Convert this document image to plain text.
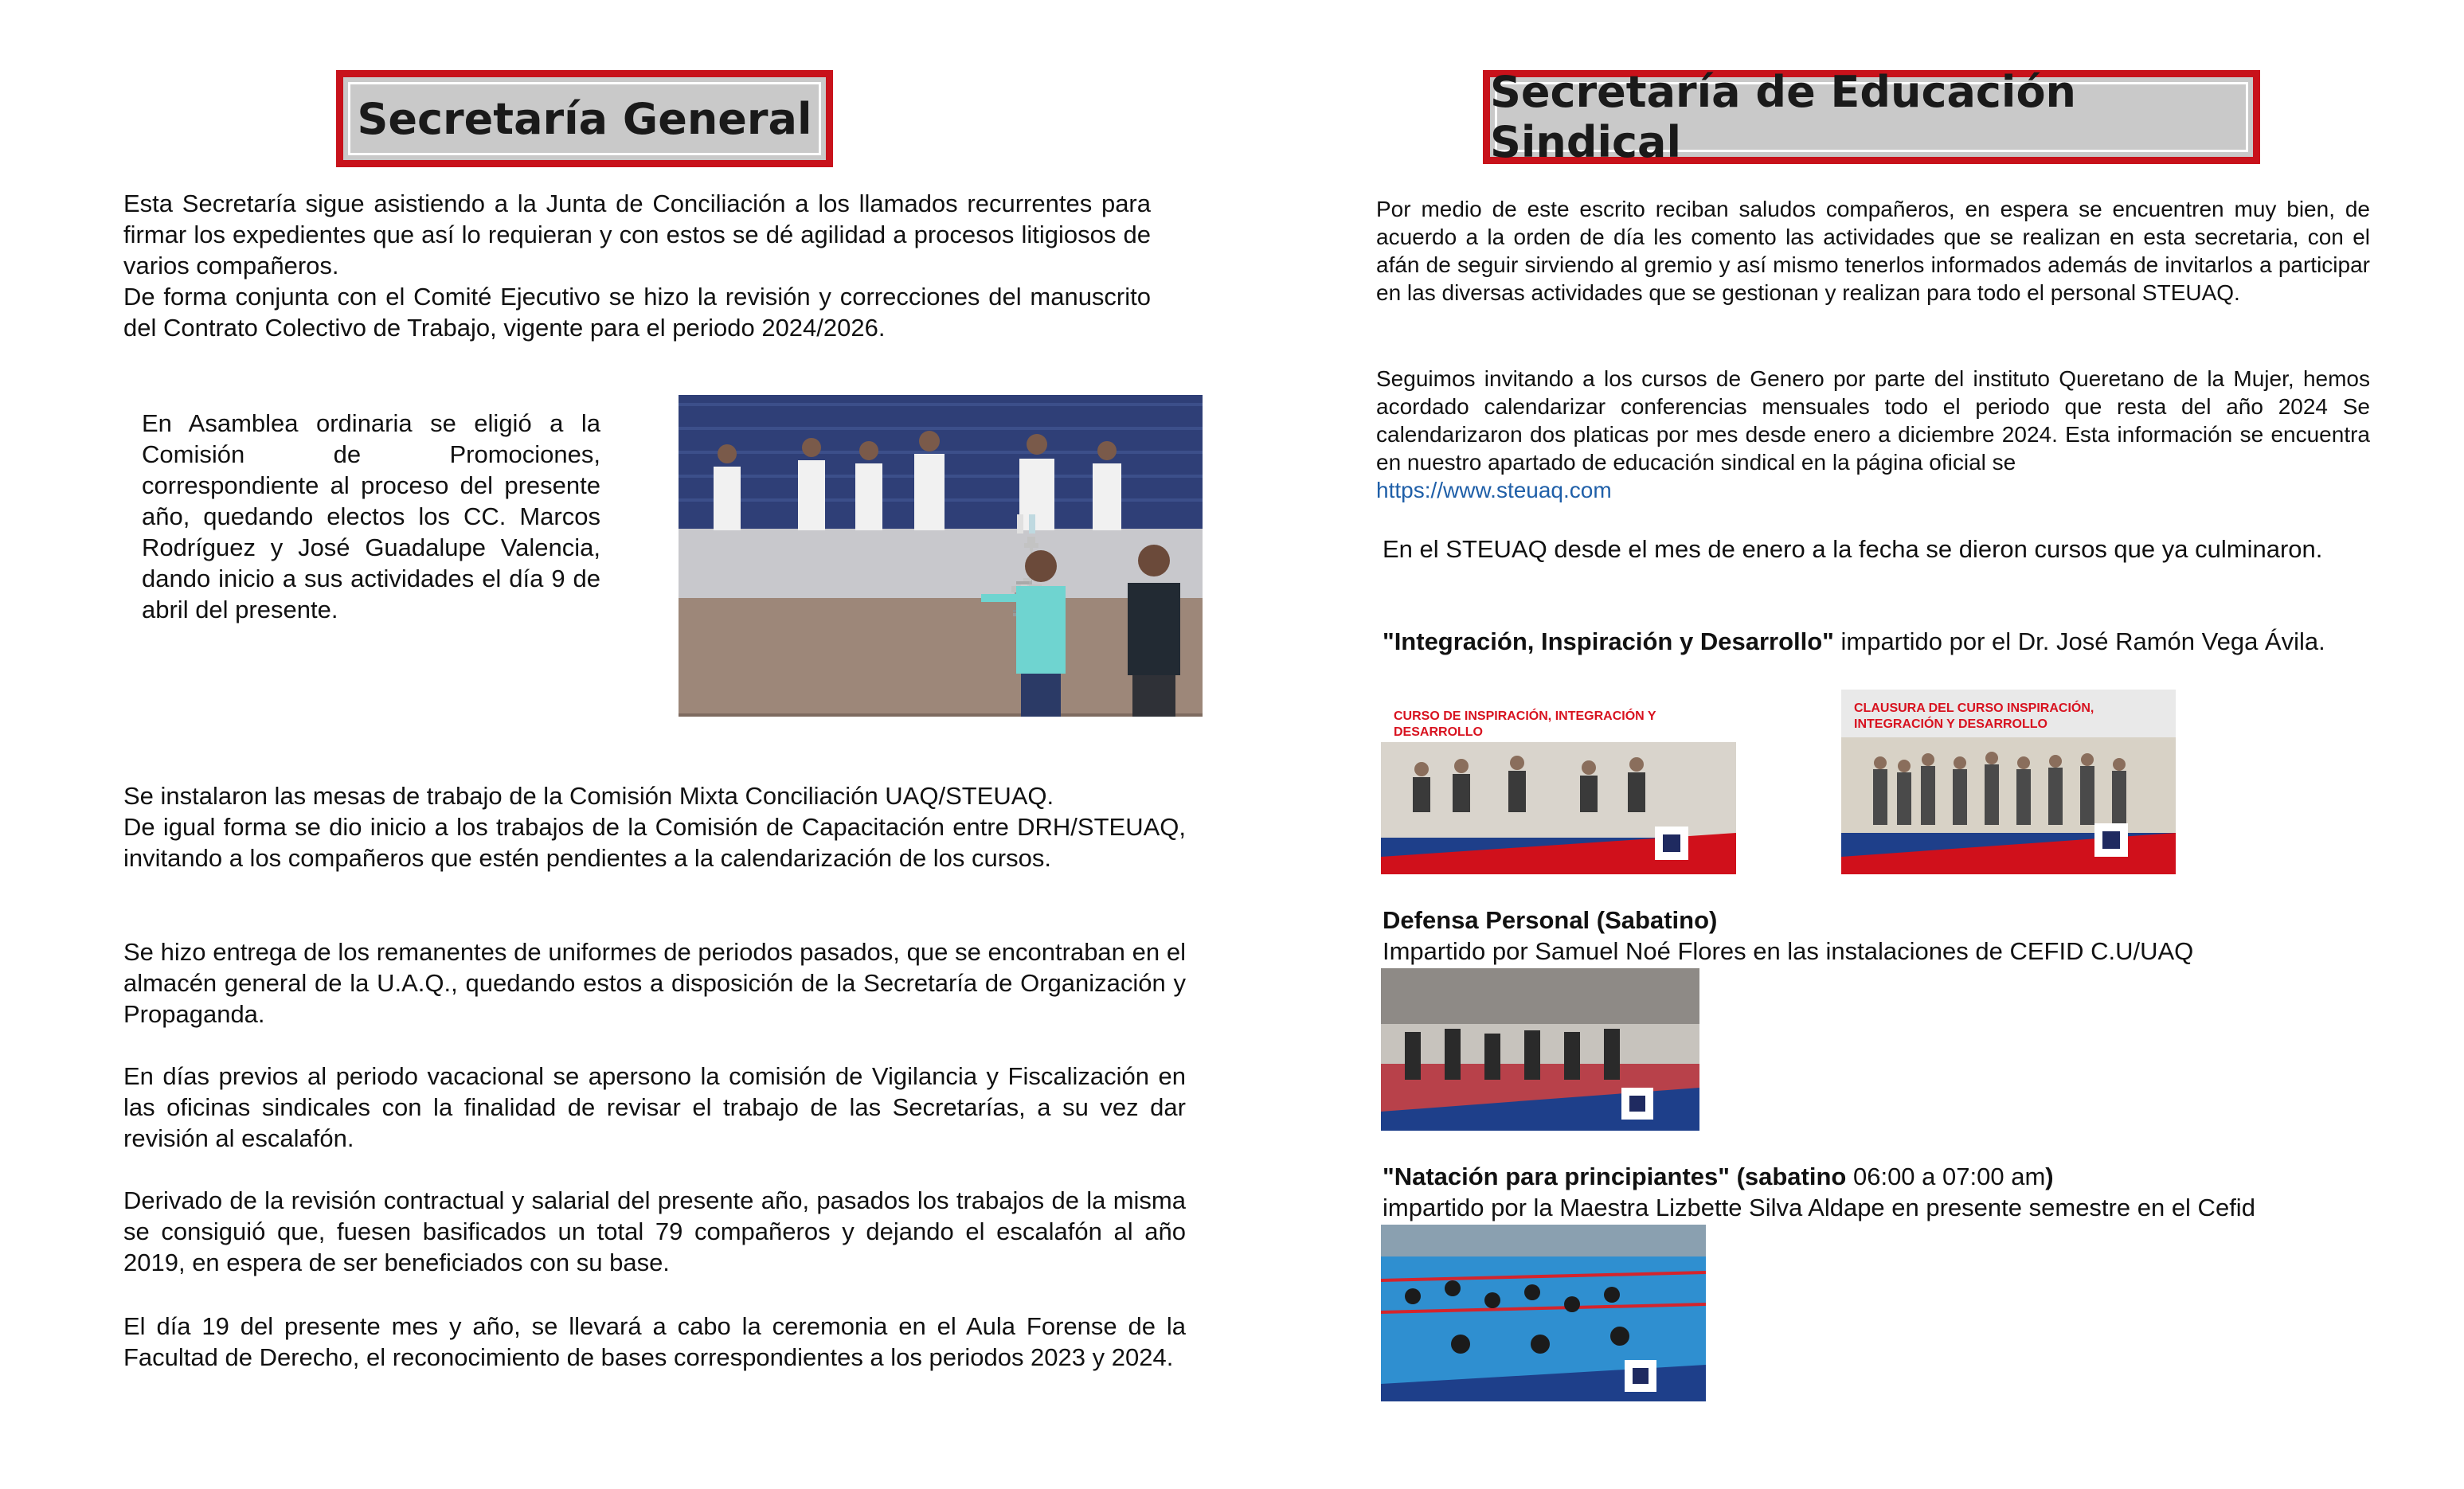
Secretaría General
Esta Secretaría sigue asistiendo a la Junta de Conciliación a los llamados recurrentes para firmar los expedientes que así lo requieran y con estos se dé agilidad a procesos litigiosos de varios compañeros.
De forma conjunta con el Comité Ejecutivo se hizo la revisión y correcciones del manuscrito del Contrato Colectivo de Trabajo, vigente para el periodo 2024/2026.
En Asamblea ordinaria se eligió a la Comisión de Promociones, correspondiente al proceso del presente año, quedando electos los CC. Marcos Rodríguez y José Guadalupe Valencia, dando inicio a sus actividades el día 9 de abril del presente.
Se instalaron las mesas de trabajo de la Comisión Mixta Conciliación UAQ/STEUAQ.
De igual forma se dio inicio a los trabajos de la Comisión de Capacitación entre DRH/STEUAQ, invitando a los compañeros que estén pendientes a la calendarización de los cursos.
Se hizo entrega de los remanentes de uniformes de periodos pasados, que se encontraban en el almacén general de la U.A.Q., quedando estos a disposición de la Secretaría de Organización y Propaganda.
En días previos al periodo vacacional se apersono la comisión de Vigilancia y Fiscalización en las oficinas sindicales con la finalidad de revisar el trabajo de las Secretarías, a su vez dar revisión al escalafón.
Derivado de la revisión contractual y salarial del presente año, pasados los trabajos de la misma se consiguió que, fuesen basificados un total 79 compañeros y dejando el escalafón al año 2019, en espera de ser beneficiados con su base.
El día 19 del presente mes y año, se llevará a cabo la ceremonia en el Aula Forense de la Facultad de Derecho, el reconocimiento de bases correspondientes a los periodos 2023 y 2024.
Secretaría de Educación Sindical
Por medio de este escrito reciban saludos compañeros, en espera se encuentren muy bien, de acuerdo a la orden de día les comento las actividades que se realizan en esta secretaria, con el afán de seguir sirviendo al gremio y así mismo tenerlos informados además de invitarlos a participar en las diversas actividades que se gestionan y realizan para todo el personal STEUAQ.
Seguimos invitando a los cursos de Genero por parte del instituto Queretano de la Mujer, hemos acordado calendarizar conferencias mensuales todo el periodo que resta del año 2024 Se calendarizaron dos platicas por mes desde enero a diciembre 2024. Esta información se encuentra en nuestro apartado de educación sindical en la página oficial se
https://www.steuaq.com
En el STEUAQ desde el mes de enero a la fecha se dieron cursos que ya culminaron.
"Integración, Inspiración y Desarrollo" impartido por el Dr. José Ramón Vega Ávila.
CURSO DE INSPIRACIÓN, INTEGRACIÓN Y DESARROLLO
CLAUSURA DEL CURSO INSPIRACIÓN, INTEGRACIÓN Y DESARROLLO
Defensa Personal (Sabatino)
Impartido por Samuel Noé Flores en las instalaciones de CEFID C.U/UAQ
"Natación para principiantes" (sabatino 06:00 a 07:00 am)
impartido por la Maestra Lizbette Silva Aldape en presente semestre en el Cefid
